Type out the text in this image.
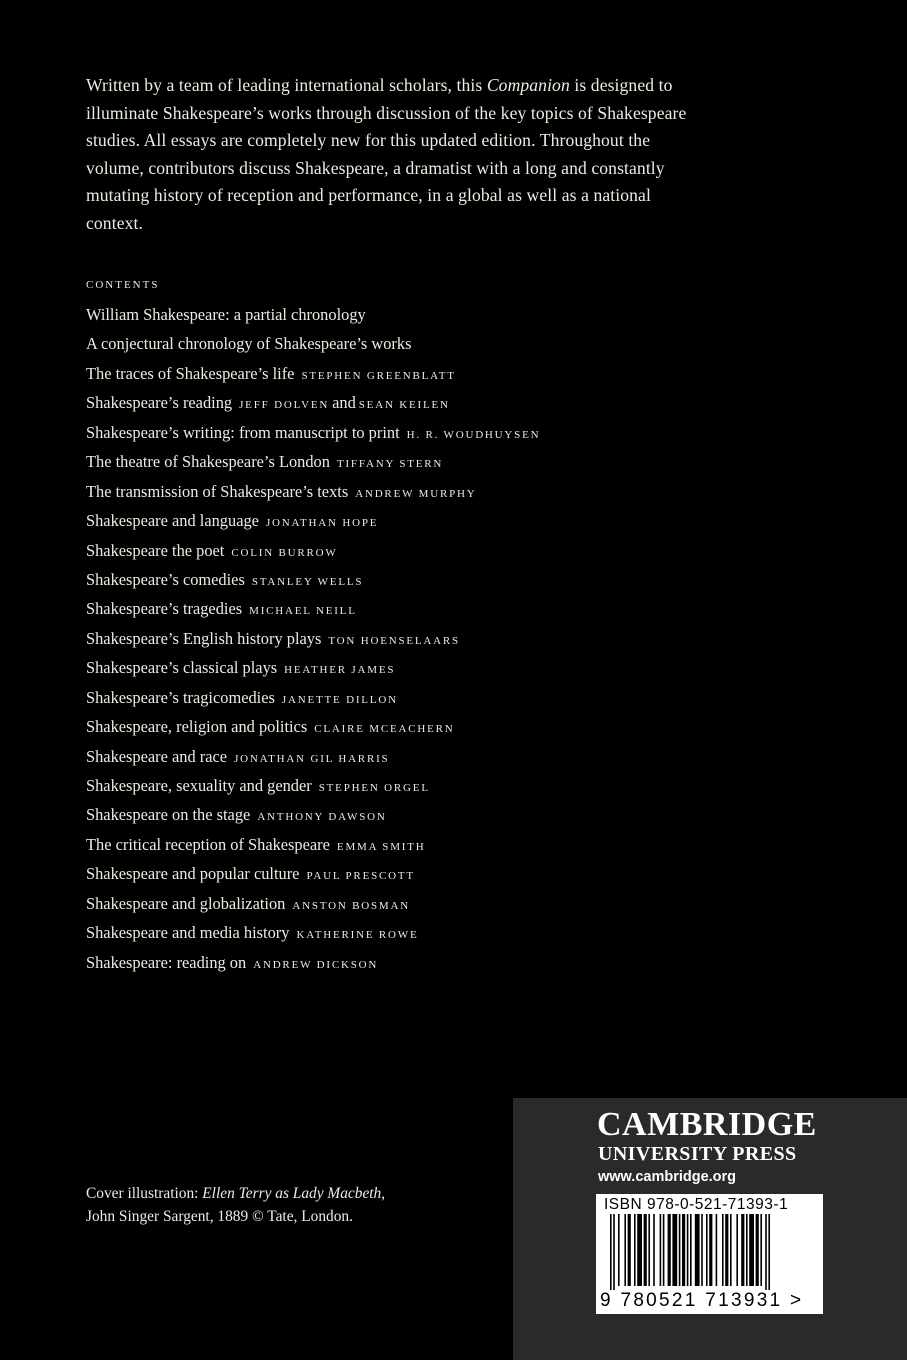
Written by a team of leading international scholars, this Companion is designed to illuminate Shakespeare’s works through discussion of the key topics of Shakespeare studies. All essays are completely new for this updated edition. Throughout the volume, contributors discuss Shakespeare, a dramatist with a long and constantly mutating history of reception and performance, in a global as well as a national context.

CONTENTS
William Shakespeare: a partial chronology
A conjectural chronology of Shakespeare’s works
The traces of Shakespeare’s life STEPHEN GREENBLATT
Shakespeare’s reading JEFF DOLVEN and SEAN KEILEN
Shakespeare’s writing: from manuscript to print H. R. WOUDHUYSEN
The theatre of Shakespeare’s London TIFFANY STERN
The transmission of Shakespeare’s texts ANDREW MURPHY
Shakespeare and language JONATHAN HOPE
Shakespeare the poet COLIN BURROW
Shakespeare’s comedies STANLEY WELLS
Shakespeare’s tragedies MICHAEL NEILL
Shakespeare’s English history plays TON HOENSELAARS
Shakespeare’s classical plays HEATHER JAMES
Shakespeare’s tragicomedies JANETTE DILLON
Shakespeare, religion and politics CLAIRE MCEACHERN
Shakespeare and race JONATHAN GIL HARRIS
Shakespeare, sexuality and gender STEPHEN ORGEL
Shakespeare on the stage ANTHONY DAWSON
The critical reception of Shakespeare EMMA SMITH
Shakespeare and popular culture PAUL PRESCOTT
Shakespeare and globalization ANSTON BOSMAN
Shakespeare and media history KATHERINE ROWE
Shakespeare: reading on ANDREW DICKSON

Cover illustration: Ellen Terry as Lady Macbeth,

John Singer Sargent, 1889 © Tate, London.

CAMBRIDGE
UNIVERSITY PRESS
www.cambridge.org
ISBN 978-0-521-71393-1
9 780521 713931 >
